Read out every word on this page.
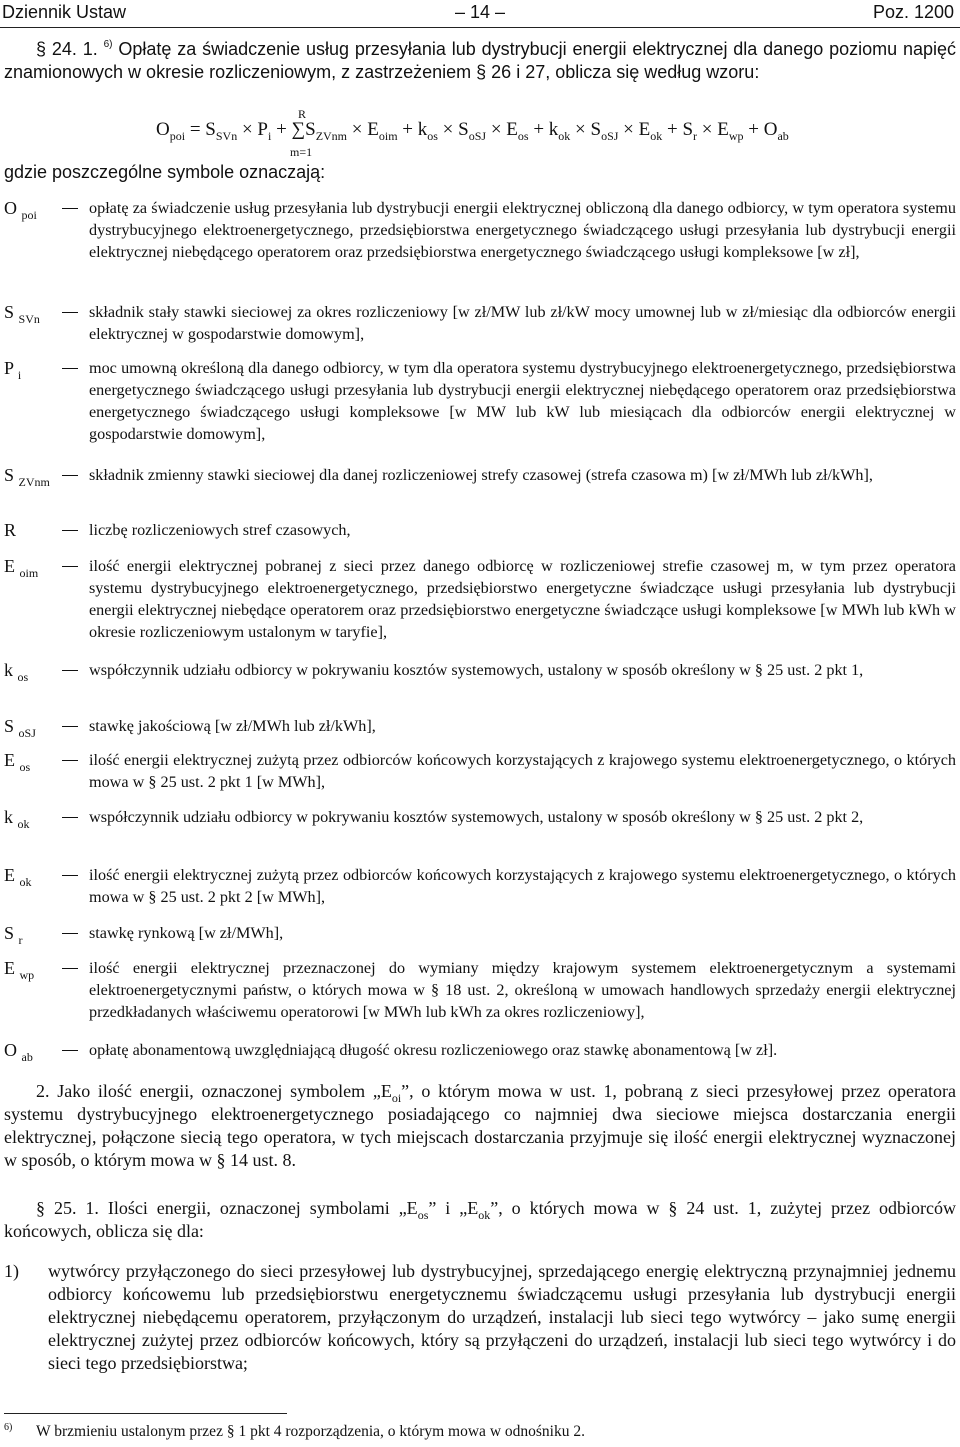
Dziennik Ustaw	– 14 –	Poz. 1200
§ 24. 1. $^{6)}$ Opłatę za świadczenie usług przesyłania lub dystrybucji energii elektrycznej dla danego poziomu napięć znamionowych w okresie rozliczeniowym, z zastrzeżeniem § 26 i 27, oblicza się według wzoru:
R
m=1
$O_{poi} = S_{SVn} \times P_i + \sum S_{ZVnm} \times E_{oim} + k_{os} \times S_{oSJ} \times E_{os} + k_{ok} \times S_{oSJ} \times E_{ok} + S_r \times E_{wp} + O_{ab}$
gdzie poszczególne symbole oznaczają:
O $_{poi}$	opłatę za świadczenie usług przesyłania lub dystrybucji energii elektrycznej obliczoną dla danego odbiorcy, w tym operatora systemu dystrybucyjnego elektroenergetycznego, przedsiębiorstwa energetycznego świadczącego usługi przesyłania lub dystrybucji energii elektrycznej niebędącego operatorem oraz przedsiębiorstwa energetycznego świadczącego usługi kompleksowe [w zł],
S $_{SVn}$	składnik stały stawki sieciowej za okres rozliczeniowy [w zł/MW lub zł/kW mocy umownej lub w zł/miesiąc dla odbiorców energii elektrycznej w gospodarstwie domowym],
P $_i$	moc umowną określoną dla danego odbiorcy, w tym dla operatora systemu dystrybucyjnego elektroenergetycznego, przedsiębiorstwa energetycznego świadczącego usługi przesyłania lub dystrybucji energii elektrycznej niebędącego operatorem oraz przedsiębiorstwa energetycznego świadczącego usługi kompleksowe [w MW lub kW lub miesiącach dla odbiorców energii elektrycznej w gospodarstwie domowym],
S $_{ZVnm}$ składnik zmienny stawki sieciowej dla danej rozliczeniowej strefy czasowej (strefa czasowa m) [w zł/MWh lub zł/kWh],
R	liczbę rozliczeniowych stref czasowych,
E $_{oim}$	ilość energii elektrycznej pobranej z sieci przez danego odbiorcę w rozliczeniowej strefie czasowej m, w tym przez operatora systemu dystrybucyjnego elektroenergetycznego, przedsiębiorstwo energetyczne świadczące usługi przesyłania lub dystrybucji energii elektrycznej niebędące operatorem oraz przedsiębiorstwo energetyczne świadczące usługi kompleksowe [w MWh lub kWh w okresie rozliczeniowym ustalonym w taryfie],
k $_{os}$	współczynnik udziału odbiorcy w pokrywaniu kosztów systemowych, ustalony w sposób określony w § 25 ust. 2 pkt 1,
S $_{oSJ}$	stawkę jakościową [w zł/MWh lub zł/kWh],
E $_{os}$	ilość energii elektrycznej zużytą przez odbiorców końcowych korzystających z krajowego systemu elektroenergetycznego, o których mowa w § 25 ust. 2 pkt 1 [w MWh],
k $_{ok}$	współczynnik udziału odbiorcy w pokrywaniu kosztów systemowych, ustalony w sposób określony w § 25 ust. 2 pkt 2,
E $_{ok}$	ilość energii elektrycznej zużytą przez odbiorców końcowych korzystających z krajowego systemu elektroenergetycznego, o których mowa w § 25 ust. 2 pkt 2 [w MWh],
S $_r$	stawkę rynkową [w zł/MWh],
E $_{wp}$	ilość energii elektrycznej przeznaczonej do wymiany między krajowym systemem elektroenergetycznym a systemami elektroenergetycznymi państw, o których mowa w § 18 ust. 2, określoną w umowach handlowych sprzedaży energii elektrycznej przedkładanych właściwemu operatorowi [w MWh lub kWh za okres rozliczeniowy],
O $_{ab}$	opłatę abonamentową uwzględniającą długość okresu rozliczeniowego oraz stawkę abonamentową [w zł].
2. Jako ilość energii, oznaczonej symbolem $„E_{oi}$”, o którym mowa w ust. 1, pobraną z sieci przesyłowej przez operatora systemu dystrybucyjnego elektroenergetycznego posiadającego co najmniej dwa sieciowe miejsca dostarczania energii elektrycznej, połączone siecią tego operatora, w tych miejscach dostarczania przyjmuje się ilość energii elektrycznej wyznaczonej w sposób, o którym mowa w § 14 ust. 8.
§ 25. 1. Ilości energii, oznaczonej symbolami $„E_{os}$” i $„E_{ok}$”, o których mowa w § 24 ust. 1, zużytej przez odbiorców końcowych, oblicza się dla:
1) wytwórcy przyłączonego do sieci przesyłowej lub dystrybucyjnej, sprzedającego energię elektryczną przynajmniej jednemu odbiorcy końcowemu lub przedsiębiorstwu energetycznemu świadczącemu usługi przesyłania lub dystrybucji energii elektrycznej niebędącemu operatorem, przyłączonym do urządzeń, instalacji lub sieci tego wytwórcy – jako sumę energii elektrycznej zużytej przez odbiorców końcowych, który są przyłączeni do urządzeń, instalacji lub sieci tego wytwórcy i do sieci tego przedsiębiorstwa;
6) W brzmieniu ustalonym przez § 1 pkt 4 rozporządzenia, o którym mowa w odnośniku 2.
